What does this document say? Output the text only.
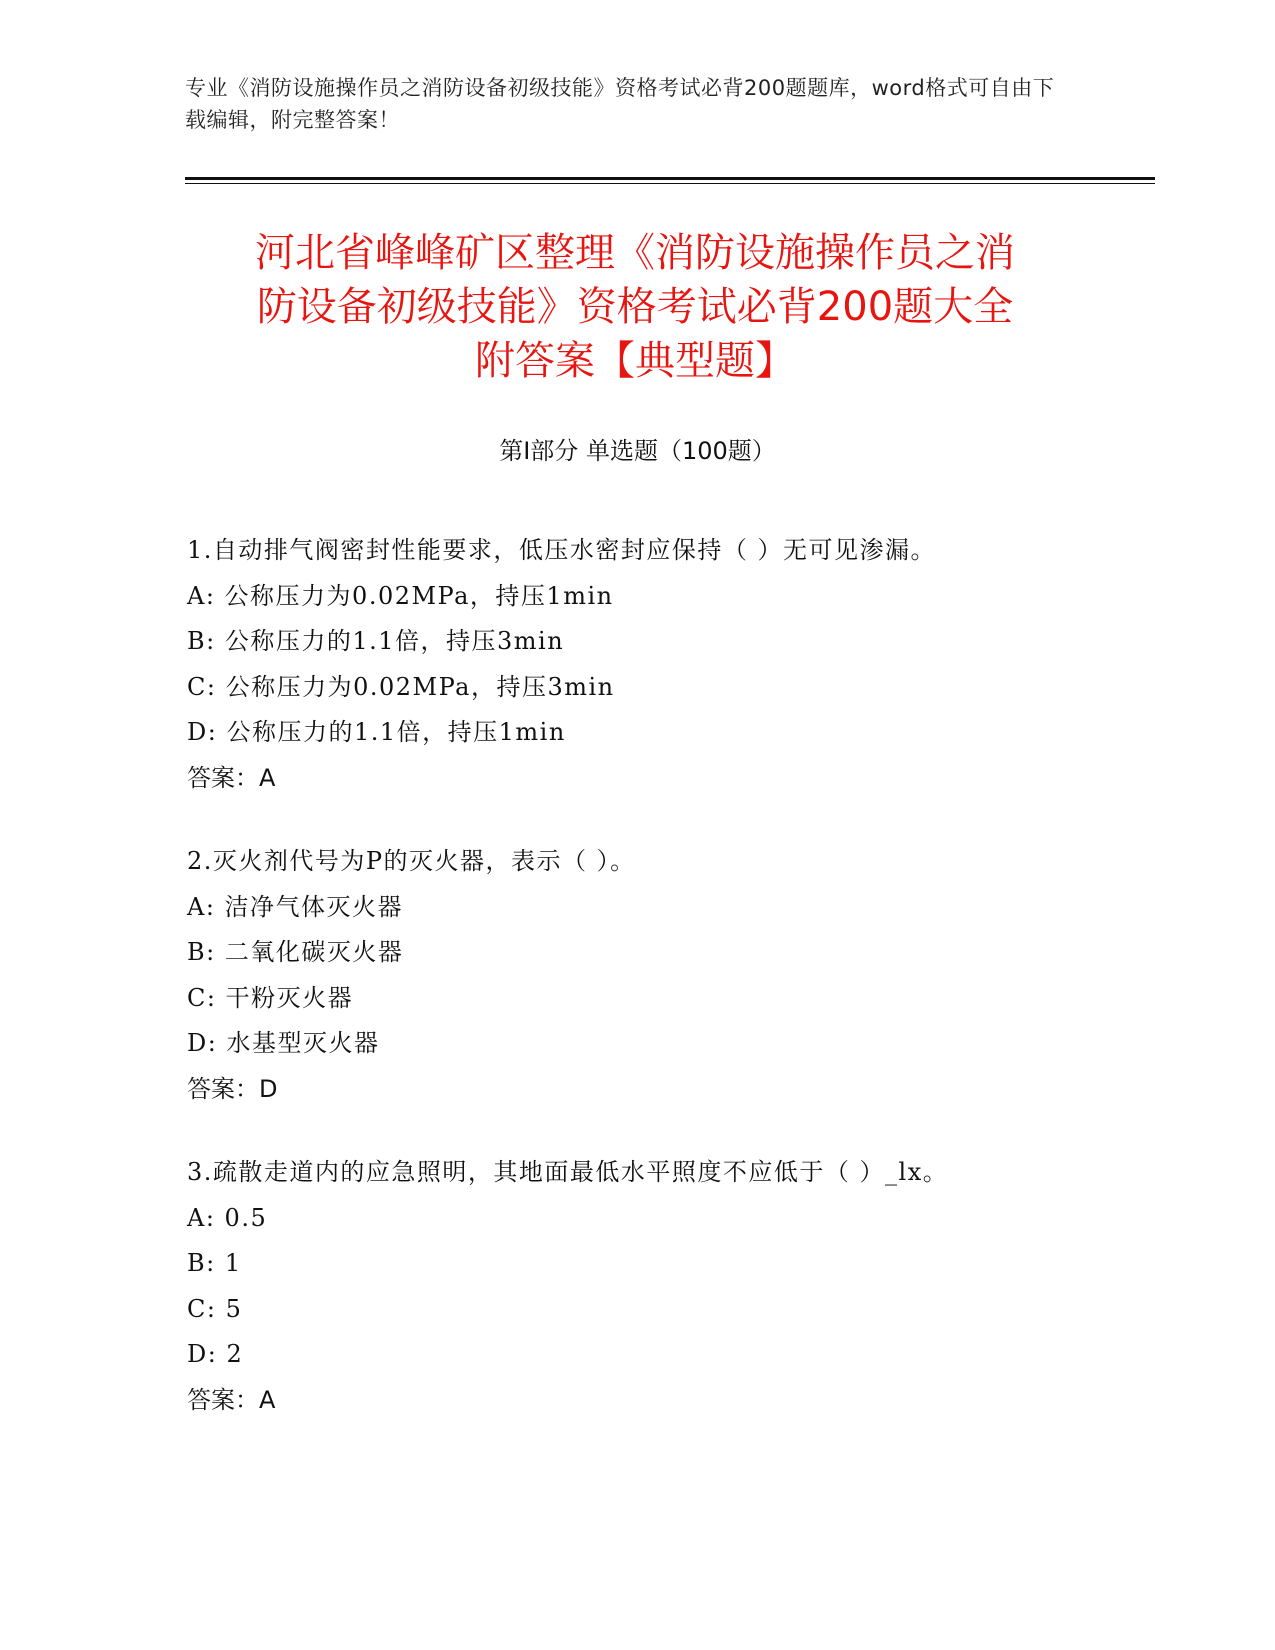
专业《消防设施操作员之消防设备初级技能》资格考试必背200题题库，word格式可自由下载编辑，附完整答案！
河北省峰峰矿区整理《消防设施操作员之消
防设备初级技能》资格考试必背200题大全
附答案【典型题】
第Ⅰ部分 单选题（100题）
1.自动排气阀密封性能要求，低压水密封应保持（ ）无可见渗漏。
A: 公称压力为0.02MPa，持压1min
B: 公称压力的1.1倍，持压3min
C: 公称压力为0.02MPa，持压3min
D: 公称压力的1.1倍，持压1min
答案：A
2.灭火剂代号为P的灭火器，表示（ ）。
A: 洁净气体灭火器
B: 二氧化碳灭火器
C: 干粉灭火器
D: 水基型灭火器
答案：D
3.疏散走道内的应急照明，其地面最低水平照度不应低于（ ）_lx。
A: 0.5
B: 1
C: 5
D: 2
答案：A
